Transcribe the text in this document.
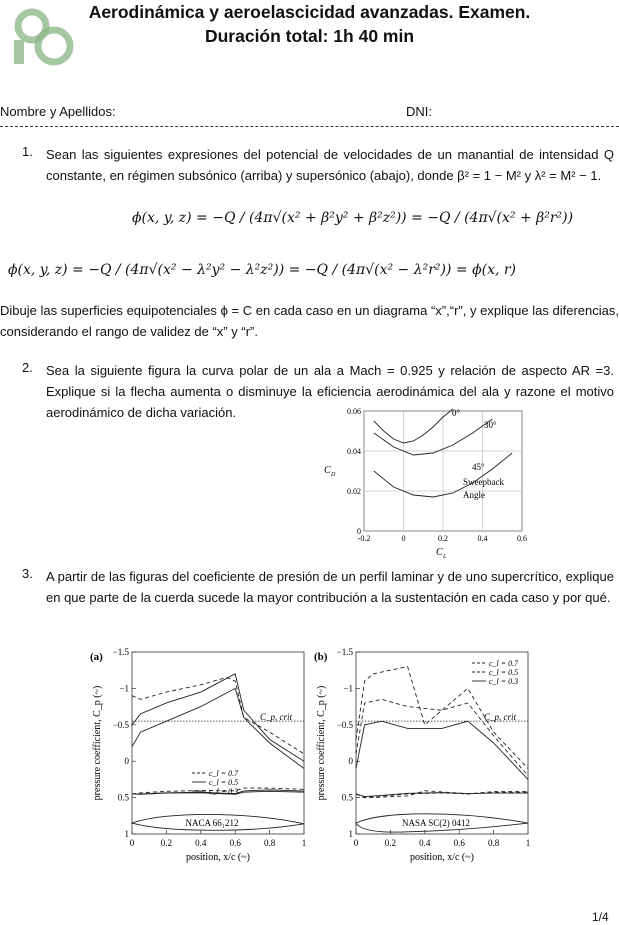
Aerodinámica y aeroelascicidad avanzadas. Examen.
Duración total: 1h 40 min
Nombre y Apellidos:	DNI:
1. Sean las siguientes expresiones del potencial de velocidades de un manantial de intensidad Q constante, en régimen subsónico (arriba) y supersónico (abajo), donde β² = 1 − M² y λ² = M² − 1.
ϕ(x, y, z) = −Q / (4π√(x² + β²y² + β²z²)) = −Q / (4π√(x² + β²r²))
ϕ(x, y, z) = −Q / (4π√(x² − λ²y² − λ²z²)) = −Q / (4π√(x² − λ²r²)) = ϕ(x, r)
Dibuje las superficies equipotenciales ϕ = C en cada caso en un diagrama “x”,“r”, y explique las diferencias, considerando el rango de validez de “x” y “r”.
2. Sea la siguiente figura la curva polar de un ala a Mach = 0.925 y relación de aspecto AR =3. Explique si la flecha aumenta o disminuye la eficiencia aerodinámica del ala y razone el motivo aerodinámico de dicha variación.
-0.2	0	0.2	0.4	0.6
0
0.02
0.04
0.06
C D
C L
0°
30°
45°
Sweepback
Angle
3. A partir de las figuras del coeficiente de presión de un perfil laminar y de uno supercrítico, explique en que parte de la cuerda sucede la mayor contribución a la sustentación en cada caso y por qué.
(a)
0	0.2	0.4	0.6	0.8	1
−1.5
−1
−0.5
0
0.5
1
position, x/c (~)
pressure coefficient, C_p (~)	C_p, crit
c_l = 0.7
c_l = 0.5
c_l = 0.3
NACA 66₁212
(b)
0	0.2	0.4	0.6	0.8	1
−1.5
−1
−0.5
0
0.5
1
position, x/c (~)
pressure coefficient, C_p (~)	C_p, crit
c_l = 0.7
c_l = 0.5
c_l = 0.3
NASA SC(2) 0412
1/4
